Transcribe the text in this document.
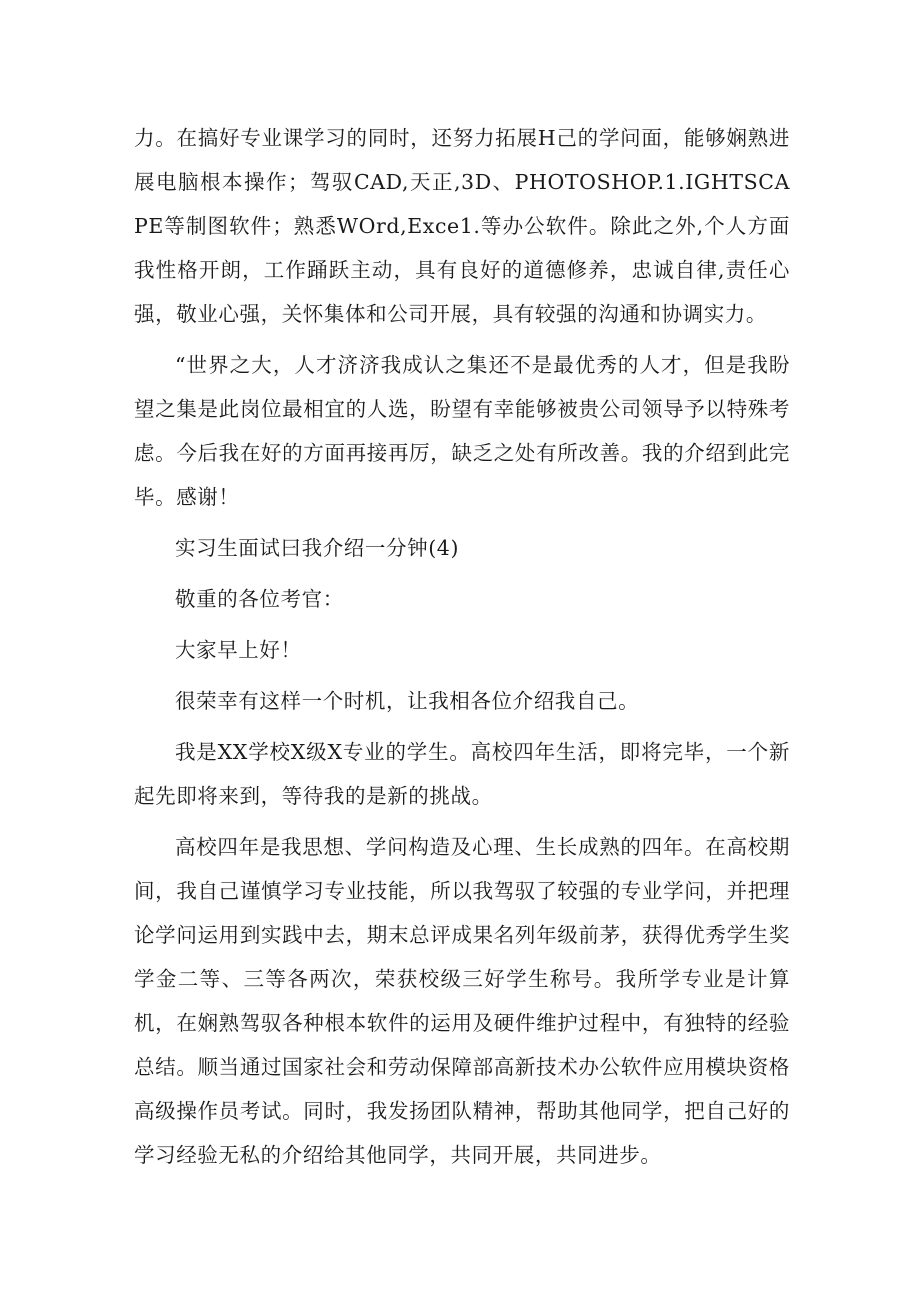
力。在搞好专业课学习的同时，还努力拓展H己的学问面，能够娴熟进展电脑根本操作；驾驭CAD,天正,3D、PHOTOSHOP.1.IGHTSCAPE等制图软件；熟悉WOrd,Exce1.等办公软件。除此之外,个人方面我性格开朗，工作踊跃主动，具有良好的道德修养，忠诚自律,责任心强，敬业心强，关怀集体和公司开展，具有较强的沟通和协调实力。

“世界之大，人才济济我成认之集还不是最优秀的人才，但是我盼望之集是此岗位最相宜的人选，盼望有幸能够被贵公司领导予以特殊考虑。今后我在好的方面再接再厉，缺乏之处有所改善。我的介绍到此完毕。感谢！

实习生面试曰我介绍一分钟(4)

敬重的各位考官：

大家早上好！

很荣幸有这样一个时机，让我相各位介绍我自己。

我是XX学校X级X专业的学生。高校四年生活，即将完毕，一个新起先即将来到，等待我的是新的挑战。

高校四年是我思想、学问构造及心理、生长成熟的四年。在高校期间，我自己谨慎学习专业技能，所以我驾驭了较强的专业学问，并把理论学问运用到实践中去，期末总评成果名列年级前茅，获得优秀学生奖学金二等、三等各两次，荣获校级三好学生称号。我所学专业是计算机，在娴熟驾驭各种根本软件的运用及硬件维护过程中，有独特的经验总结。顺当通过国家社会和劳动保障部高新技术办公软件应用模块资格高级操作员考试。同时，我发扬团队精神，帮助其他同学，把自己好的学习经验无私的介绍给其他同学，共同开展，共同进步。
